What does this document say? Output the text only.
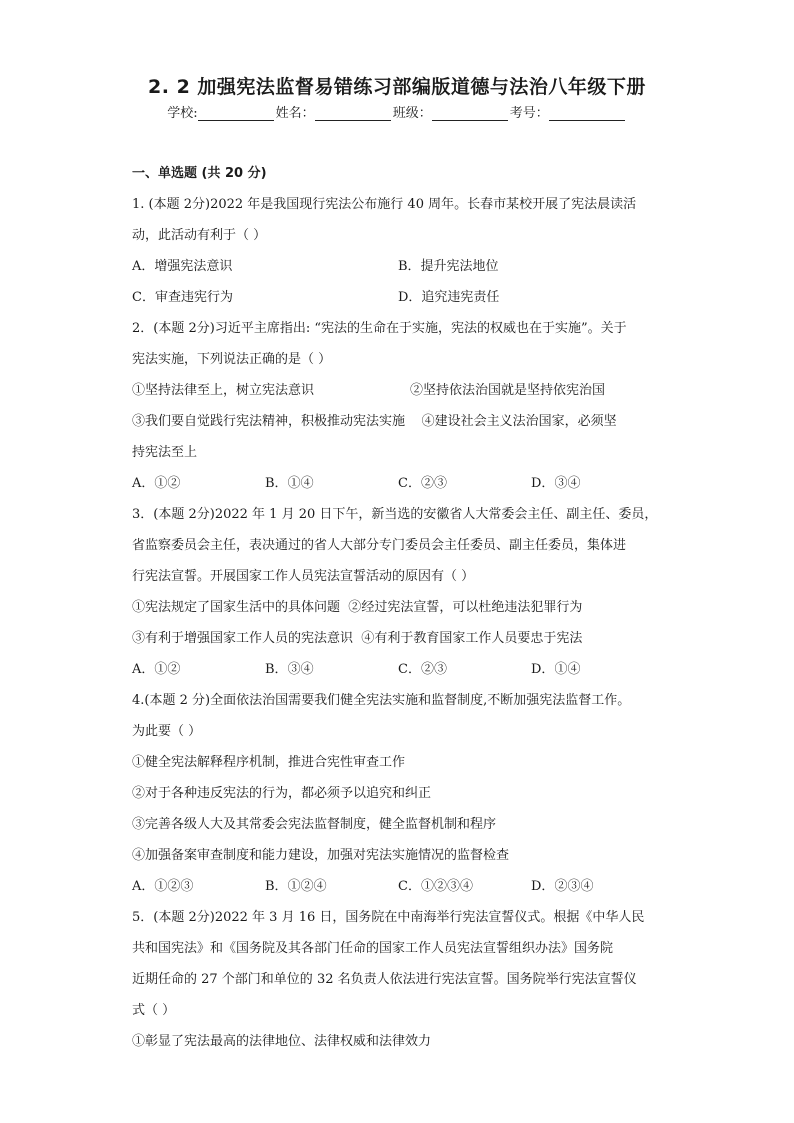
2. 2 加强宪法监督易错练习部编版道德与法治八年级下册
学校:	姓名：	班级：	考号：
一、单选题 (共 20 分)
1. (本题 2分)2022 年是我国现行宪法公布施行 40 周年。长春市某校开展了宪法晨读活
动，此活动有利于（ ）
A．增强宪法意识	B．提升宪法地位
C．审查违宪行为	D．追究违宪责任
2．(本题 2分)习近平主席指出: “宪法的生命在于实施，宪法的权威也在于实施”。关于
宪法实施，下列说法正确的是（ ）
①坚持法律至上，树立宪法意识	②坚持依法治国就是坚持依宪治国
③我们要自觉践行宪法精神，积极推动宪法实施 ④建设社会主义法治国家，必须坚
持宪法至上
A．①②	B．①④	C．②③	D．③④
3．(本题 2分)2022 年 1 月 20 日下午，新当选的安徽省人大常委会主任、副主任、委员，
省监察委员会主任，表决通过的省人大部分专门委员会主任委员、副主任委员，集体进
行宪法宣誓。开展国家工作人员宪法宣誓活动的原因有（ ）
①宪法规定了国家生活中的具体问题 ②经过宪法宣誓，可以杜绝违法犯罪行为
③有利于增强国家工作人员的宪法意识 ④有利于教育国家工作人员要忠于宪法
A．①②	B．③④	C．②③	D．①④
4.(本题 2 分)全面依法治国需要我们健全宪法实施和监督制度,不断加强宪法监督工作。
为此要（ ）
①健全宪法解释程序机制，推进合宪性审查工作
②对于各种违反宪法的行为，都必须予以追究和纠正
③完善各级人大及其常委会宪法监督制度，健全监督机制和程序
④加强备案审查制度和能力建设，加强对宪法实施情况的监督检查
A．①②③	B．①②④	C．①②③④	D．②③④
5．(本题 2分)2022 年 3 月 16 日，国务院在中南海举行宪法宣誓仪式。根据《中华人民
共和国宪法》和《国务院及其各部门任命的国家工作人员宪法宣誓组织办法》国务院
近期任命的 27 个部门和单位的 32 名负责人依法进行宪法宣誓。国务院举行宪法宣誓仪
式（ ）
①彰显了宪法最高的法律地位、法律权威和法律效力
